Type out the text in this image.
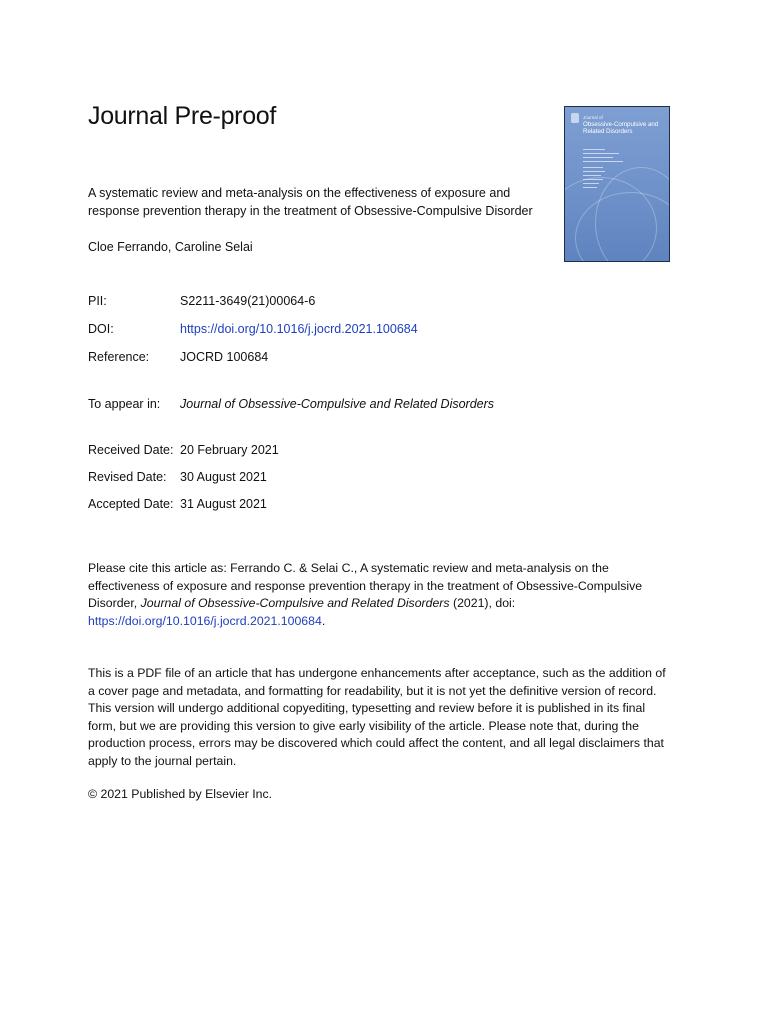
Journal Pre-proof
A systematic review and meta-analysis on the effectiveness of exposure and response prevention therapy in the treatment of Obsessive-Compulsive Disorder
Cloe Ferrando, Caroline Selai
Journal of
Obsessive-Compulsive and Related Disorders
PII:	S2211-3649(21)00064-6
DOI:	https://doi.org/10.1016/j.jocrd.2021.100684
Reference: JOCRD 100684
To appear in: Journal of Obsessive-Compulsive and Related Disorders
Received Date: 20 February 2021
Revised Date: 30 August 2021
Accepted Date: 31 August 2021
Please cite this article as: Ferrando C. & Selai C., A systematic review and meta-analysis on the effectiveness of exposure and response prevention therapy in the treatment of Obsessive-Compulsive Disorder, Journal of Obsessive-Compulsive and Related Disorders (2021), doi: https://doi.org/10.1016/j.jocrd.2021.100684.
This is a PDF file of an article that has undergone enhancements after acceptance, such as the addition of a cover page and metadata, and formatting for readability, but it is not yet the definitive version of record. This version will undergo additional copyediting, typesetting and review before it is published in its final form, but we are providing this version to give early visibility of the article. Please note that, during the production process, errors may be discovered which could affect the content, and all legal disclaimers that apply to the journal pertain.
© 2021 Published by Elsevier Inc.
